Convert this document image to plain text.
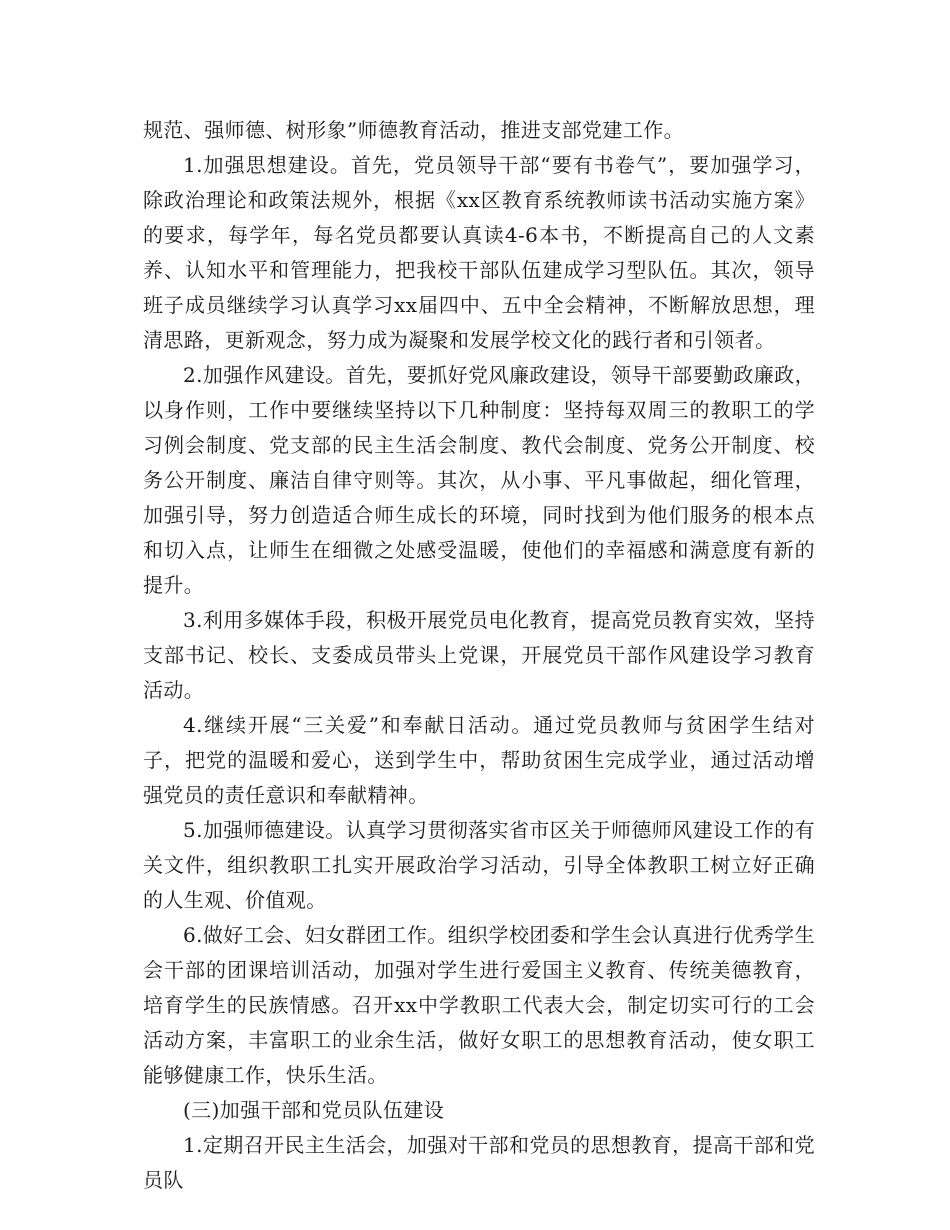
规范、强师德、树形象”师德教育活动，推进支部党建工作。

1.加强思想建设。首先，党员领导干部“要有书卷气”，要加强学习，除政治理论和政策法规外，根据《xx区教育系统教师读书活动实施方案》的要求，每学年，每名党员都要认真读4-6本书，不断提高自己的人文素养、认知水平和管理能力，把我校干部队伍建成学习型队伍。其次，领导班子成员继续学习认真学习xx届四中、五中全会精神，不断解放思想，理清思路，更新观念，努力成为凝聚和发展学校文化的践行者和引领者。

2.加强作风建设。首先，要抓好党风廉政建设，领导干部要勤政廉政，以身作则，工作中要继续坚持以下几种制度：坚持每双周三的教职工的学习例会制度、党支部的民主生活会制度、教代会制度、党务公开制度、校务公开制度、廉洁自律守则等。其次，从小事、平凡事做起，细化管理，加强引导，努力创造适合师生成长的环境，同时找到为他们服务的根本点和切入点，让师生在细微之处感受温暖，使他们的幸福感和满意度有新的提升。

3.利用多媒体手段，积极开展党员电化教育，提高党员教育实效，坚持支部书记、校长、支委成员带头上党课，开展党员干部作风建设学习教育活动。

4.继续开展“三关爱”和奉献日活动。通过党员教师与贫困学生结对子，把党的温暖和爱心，送到学生中，帮助贫困生完成学业，通过活动增强党员的责任意识和奉献精神。

5.加强师德建设。认真学习贯彻落实省市区关于师德师风建设工作的有关文件，组织教职工扎实开展政治学习活动，引导全体教职工树立好正确的人生观、价值观。

6.做好工会、妇女群团工作。组织学校团委和学生会认真进行优秀学生会干部的团课培训活动，加强对学生进行爱国主义教育、传统美德教育，培育学生的民族情感。召开xx中学教职工代表大会，制定切实可行的工会活动方案，丰富职工的业余生活，做好女职工的思想教育活动，使女职工能够健康工作，快乐生活。

(三)加强干部和党员队伍建设

1.定期召开民主生活会，加强对干部和党员的思想教育，提高干部和党员队
